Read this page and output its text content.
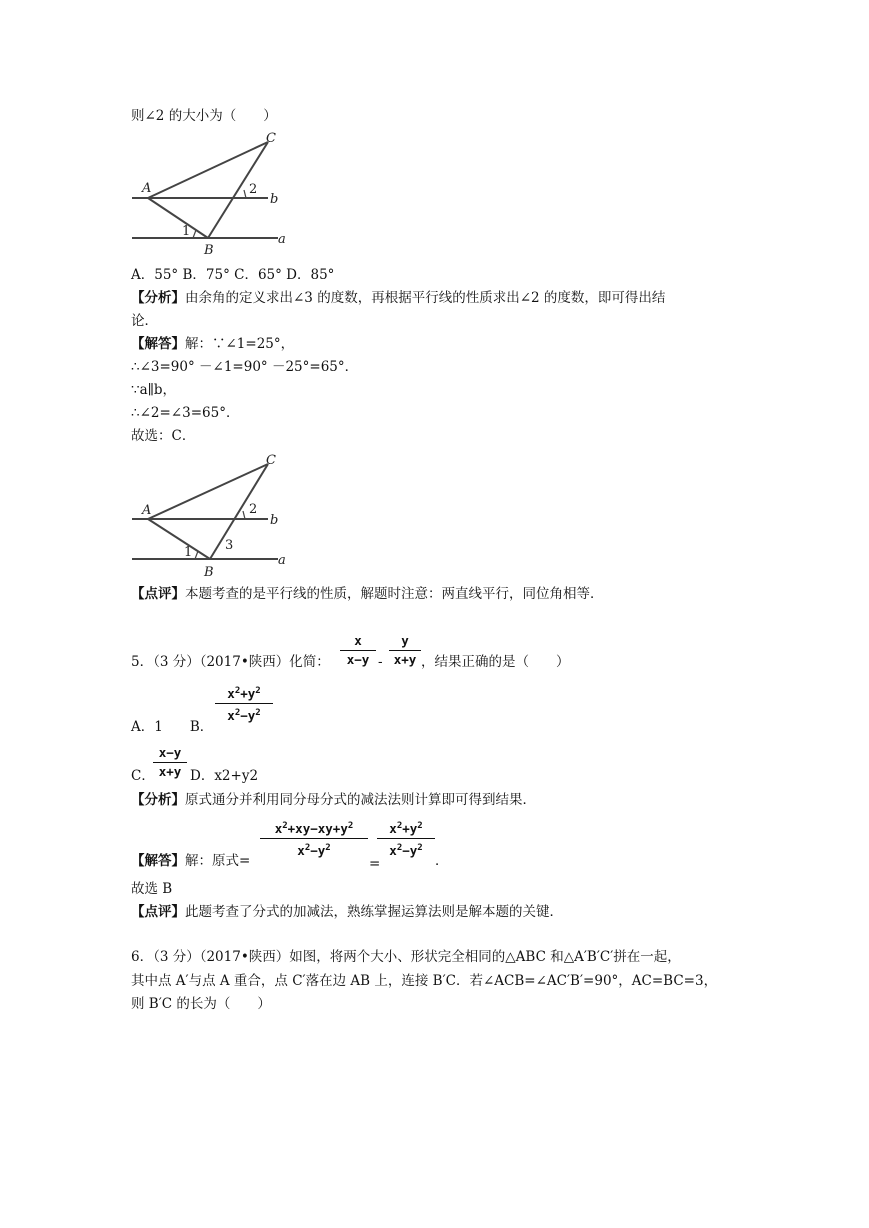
则∠2 的大小为（　　）
A
B
C
b
a
1
2
A．55° B．75° C．65° D．85°
【分析】由余角的定义求出∠3 的度数，再根据平行线的性质求出∠2 的度数，即可得出结
论．
【解答】解：∵∠1=25°，
∴∠3=90° －∠1=90° －25°=65°．
∵a∥b，
∴∠2=∠3=65°．
故选：C．
A
B
C
b
a
1
2
3
【点评】本题考查的是平行线的性质，解题时注意：两直线平行，同位角相等．
5．（3 分）（2017•陕西）化简：
x
x−y -
y
x+y ，结果正确的是（　　）
A．1　　B．
$x^2+y^2$
$x^2-y^2$
C．
x−y
x+y D．x2+y2
【分析】原式通分并利用同分母分式的减法法则计算即可得到结果．
【解答】解：原式=
$x^2+xy-xy+y^2$
$x^2-y^2$
=
$x^2+y^2$
$x^2-y^2$
．
故选 B
【点评】此题考查了分式的加减法，熟练掌握运算法则是解本题的关键．
6．（3 分）（2017•陕西）如图，将两个大小、形状完全相同的△ABC 和△A′B′C′拼在一起，
其中点 A′与点 A 重合，点 C′落在边 AB 上，连接 B′C．若∠ACB=∠AC′B′=90°，AC=BC=3，
则 B′C 的长为（　　）
